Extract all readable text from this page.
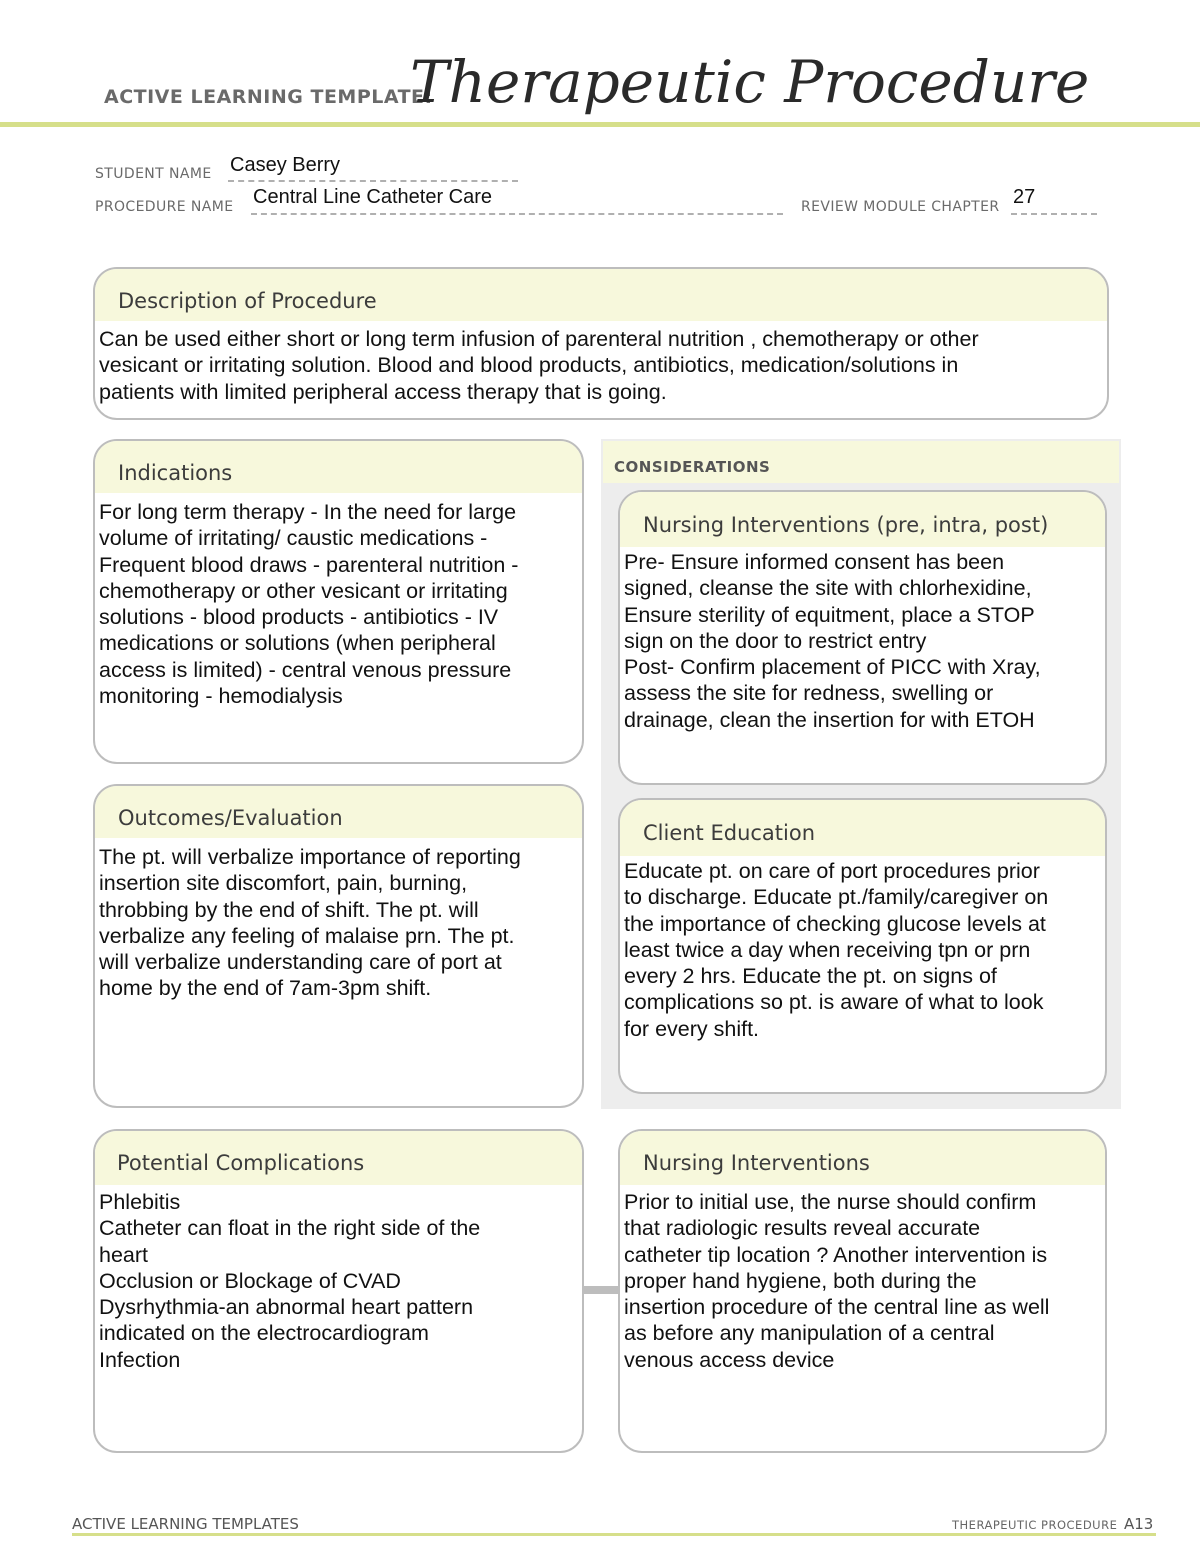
ACTIVE LEARNING TEMPLATE:
Therapeutic Procedure
STUDENT NAME Casey Berry
PROCEDURE NAME Central Line Catheter Care	REVIEW MODULE CHAPTER 27
Description of Procedure
Can be used either short or long term infusion of parenteral nutrition , chemotherapy or other
vesicant or irritating solution. Blood and blood products, antibiotics, medication/solutions in
patients with limited peripheral access therapy that is going.
CONSIDERATIONS
Indications
For long term therapy - In the need for large
volume of irritating/ caustic medications -
Frequent blood draws - parenteral nutrition -
chemotherapy or other vesicant or irritating
solutions - blood products - antibiotics - IV
medications or solutions (when peripheral
access is limited) - central venous pressure
monitoring - hemodialysis
Nursing Interventions (pre, intra, post)
Pre- Ensure informed consent has been
signed, cleanse the site with chlorhexidine,
Ensure sterility of equitment, place a STOP
sign on the door to restrict entry
Post- Confirm placement of PICC with Xray,
assess the site for redness, swelling or
drainage, clean the insertion for with ETOH
Outcomes/Evaluation
The pt. will verbalize importance of reporting
insertion site discomfort, pain, burning,
throbbing by the end of shift. The pt. will
verbalize any feeling of malaise prn. The pt.
will verbalize understanding care of port at
home by the end of 7am-3pm shift.
Client Education
Educate pt. on care of port procedures prior
to discharge. Educate pt./family/caregiver on
the importance of checking glucose levels at
least twice a day when receiving tpn or prn
every 2 hrs. Educate the pt. on signs of
complications so pt. is aware of what to look
for every shift.
Potential Complications
Phlebitis
Catheter can float in the right side of the
heart
Occlusion or Blockage of CVAD
Dysrhythmia-an abnormal heart pattern
indicated on the electrocardiogram
Infection
Nursing Interventions
Prior to initial use, the nurse should confirm
that radiologic results reveal accurate
catheter tip location ? Another intervention is
proper hand hygiene, both during the
insertion procedure of the central line as well
as before any manipulation of a central
venous access device
ACTIVE LEARNING TEMPLATES	THERAPEUTIC PROCEDURE A13
